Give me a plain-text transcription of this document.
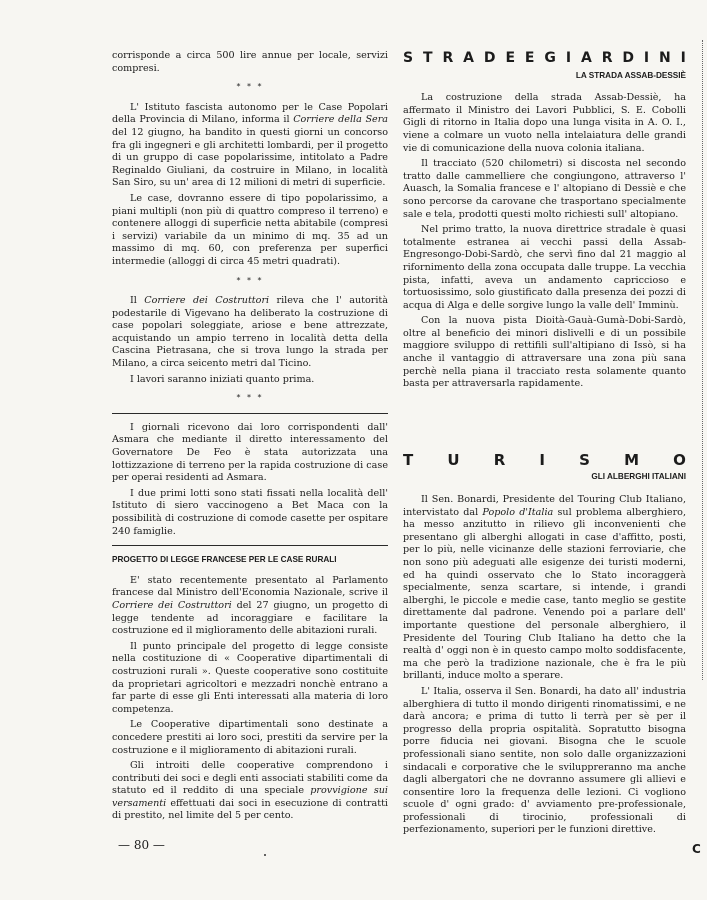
corrisponde a circa 500 lire annue per locale, servizi compresi.

* * *

L' Istituto fascista autonomo per le Case Popolari della Provincia di Milano, informa il Corriere della Sera del 12 giugno, ha bandito in questi giorni un concorso fra gli ingegneri e gli architetti lombardi, per il progetto di un gruppo di case popolarissime, intitolato a Padre Reginaldo Giuliani, da costruire in Milano, in località San Siro, su un' area di 12 milioni di metri di superficie.

Le case, dovranno essere di tipo popolarissimo, a piani multipli (non più di quattro compreso il terreno) e contenere alloggi di superficie netta abitabile (compresi i servizi) variabile da un minimo di mq. 35 ad un massimo di mq. 60, con preferenza per superfici intermedie (alloggi di circa 45 metri quadrati).

* * *

Il Corriere dei Costruttori rileva che l' autorità podestarile di Vigevano ha deliberato la costruzione di case popolari soleggiate, ariose e bene attrezzate, acquistando un ampio terreno in località detta della Cascina Pietrasana, che si trova lungo la strada per Milano, a circa seicento metri dal Ticino.

I lavori saranno iniziati quanto prima.

* * *

I giornali ricevono dai loro corrispondenti dall' Asmara che mediante il diretto interessamento del Governatore De Feo è stata autorizzata una lottizzazione di terreno per la rapida costruzione di case per operai residenti ad Asmara.

I due primi lotti sono stati fissati nella località dell' Istituto di siero vaccinogeno a Bet Maca con la possibilità di costruzione di comode casette per ospitare 240 famiglie.

PROGETTO DI LEGGE FRANCESE PER LE CASE RURALI

E' stato recentemente presentato al Parlamento francese dal Ministro dell'Economia Nazionale, scrive il Corriere dei Costruttori del 27 giugno, un progetto di legge tendente ad incoraggiare e facilitare la costruzione ed il miglioramento delle abitazioni rurali.

Il punto principale del progetto di legge consiste nella costituzione di « Cooperative dipartimentali di costruzioni rurali ». Queste cooperative sono costituite da proprietari agricoltori e mezzadri nonchè entrano a far parte di esse gli Enti interessati alla materia di loro competenza.

Le Cooperative dipartimentali sono destinate a concedere prestiti ai loro soci, prestiti da servire per la costruzione e il miglioramento di abitazioni rurali.

Gli introiti delle cooperative comprendono i contributi dei soci e degli enti associati stabiliti come da statuto ed il reddito di una speciale provvigione sui versamenti effettuati dai soci in esecuzione di contratti di prestito, nel limite del 5 per cento.

S T R A D E E G I A R D I N I
LA STRADA ASSAB-DESSIÈ

La costruzione della strada Assab-Dessiè, ha affermato il Ministro dei Lavori Pubblici, S. E. Cobolli Gigli di ritorno in Italia dopo una lunga visita in A. O. I., viene a colmare un vuoto nella intelaiatura delle grandi vie di comunicazione della nuova colonia italiana.

Il tracciato (520 chilometri) si discosta nel secondo tratto dalle cammelliere che congiungono, attraverso l' Auasch, la Somalia francese e l' altopiano di Dessiè e che sono percorse da carovane che trasportano specialmente sale e tela, prodotti questi molto richiesti sull' altopiano.

Nel primo tratto, la nuova direttrice stradale è quasi totalmente estranea ai vecchi passi della Assab-Engresongo-Dobi-Sardò, che servì fino dal 21 maggio al rifornimento della zona occupata dalle truppe. La vecchia pista, infatti, aveva un andamento capriccioso e tortuosissimo, solo giustificato dalla presenza dei pozzi di acqua di Alga e delle sorgive lungo la valle dell' Imminù.

Con la nuova pista Dioità-Gauà-Gumà-Dobi-Sardò, oltre al beneficio dei minori dislivelli e di un possibile maggiore sviluppo di rettifili sull'altipiano di Issò, si ha anche il vantaggio di attraversare una zona più sana perchè nella piana il tracciato resta solamente quanto basta per attraversarla rapidamente.

T U R I S M O
GLI ALBERGHI ITALIANI

Il Sen. Bonardi, Presidente del Touring Club Italiano, intervistato dal Popolo d'Italia sul problema alberghiero, ha messo anzitutto in rilievo gli inconvenienti che presentano gli alberghi allogati in case d'affitto, posti, per lo più, nelle vicinanze delle stazioni ferroviarie, che non sono più adeguati alle esigenze dei turisti moderni, ed ha quindi osservato che lo Stato incoraggerà specialmente, senza scartare, si intende, i grandi alberghi, le piccole e medie case, tanto meglio se gestite direttamente dal padrone. Venendo poi a parlare dell' importante questione del personale alberghiero, il Presidente del Touring Club Italiano ha detto che la realtà d' oggi non è in questo campo molto soddisfacente, ma che però la tradizione nazionale, che è fra le più brillanti, induce molto a sperare.

L' Italia, osserva il Sen. Bonardi, ha dato all' industria alberghiera di tutto il mondo dirigenti rinomatissimi, e ne darà ancora; e prima di tutto li terrà per sè per il progresso della propria ospitalità. Sopratutto bisogna porre fiducia nei giovani. Bisogna che le scuole professionali siano sentite, non solo dalle organizzazioni sindacali e corporative che le sviluppreranno ma anche dagli albergatori che ne dovranno assumere gli allievi e consentire loro la frequenza delle lezioni. Ci vogliono scuole d' ogni grado: d' avviamento pre-professionale, professionali di tirocinio, professionali di perfezionamento, superiori per le funzioni direttive.

— 80 —	C
